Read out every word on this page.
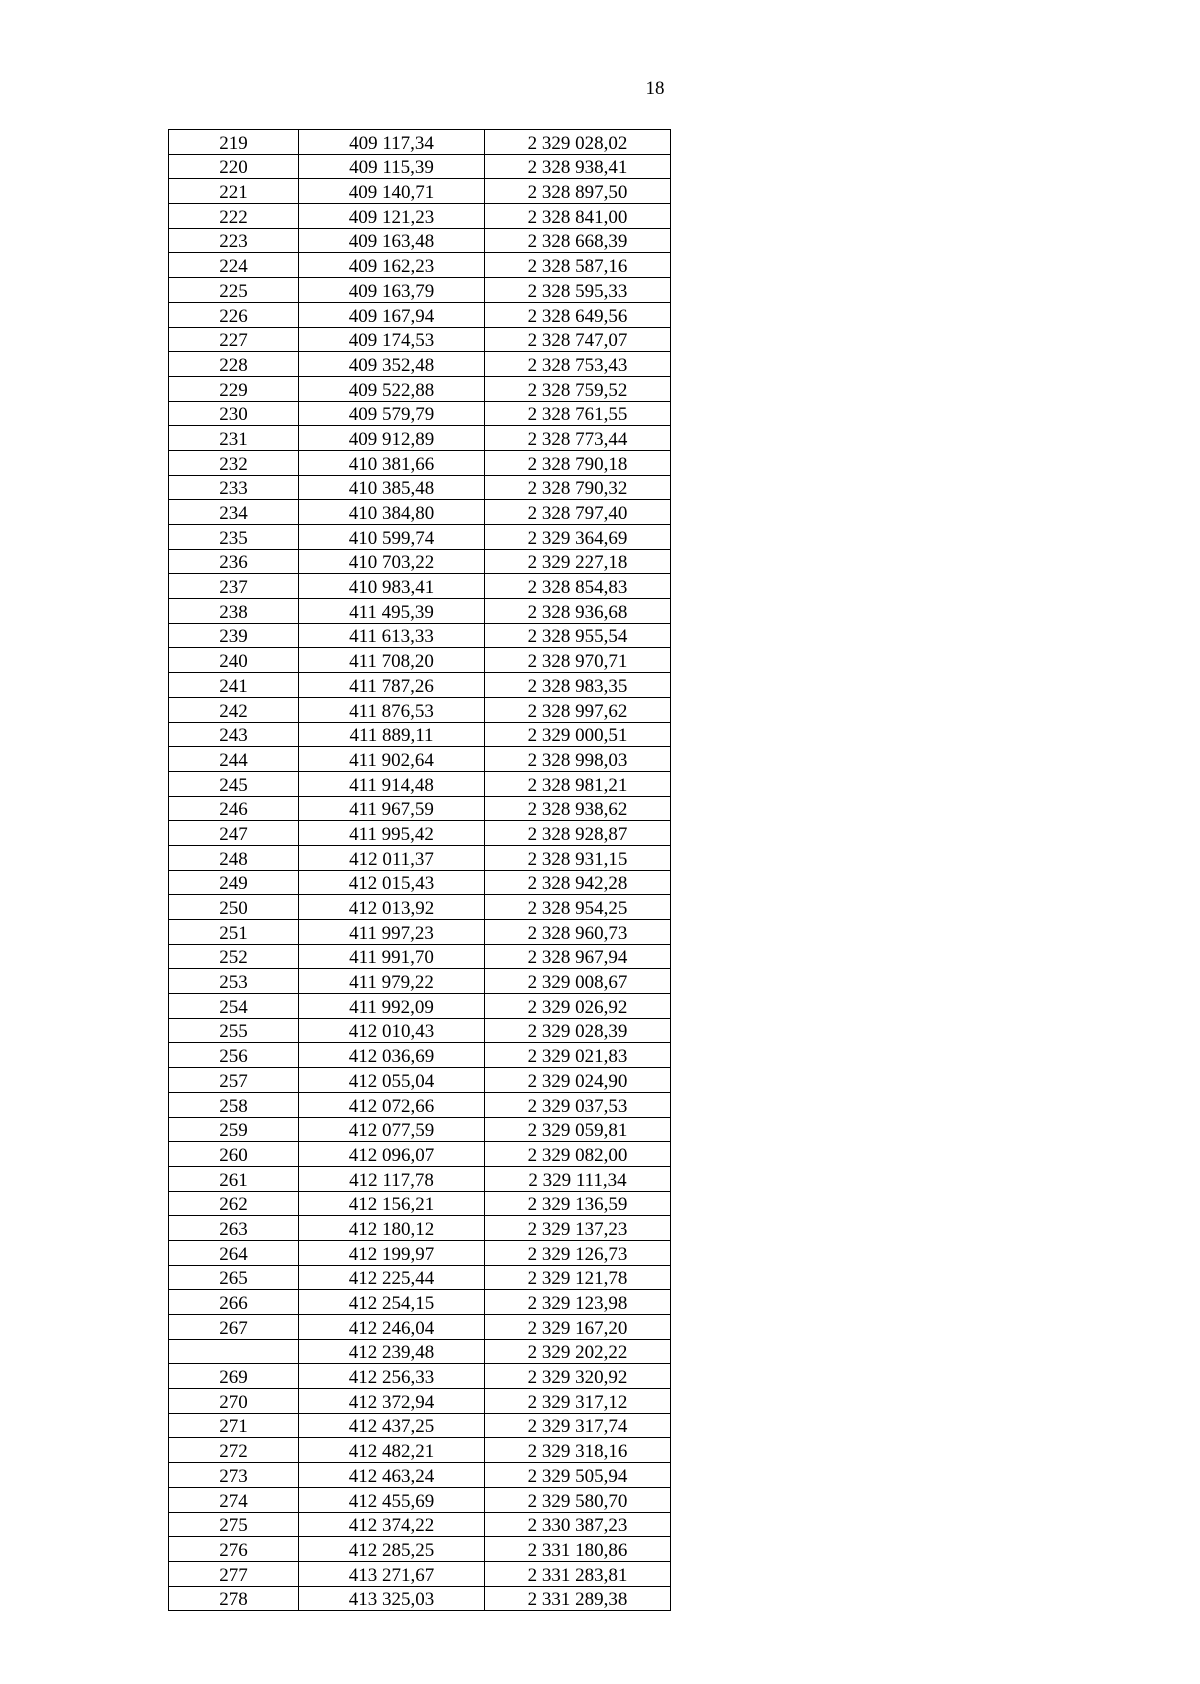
18
219	409 117,34	2 329 028,02
220	409 115,39	2 328 938,41
221	409 140,71	2 328 897,50
222	409 121,23	2 328 841,00
223	409 163,48	2 328 668,39
224	409 162,23	2 328 587,16
225	409 163,79	2 328 595,33
226	409 167,94	2 328 649,56
227	409 174,53	2 328 747,07
228	409 352,48	2 328 753,43
229	409 522,88	2 328 759,52
230	409 579,79	2 328 761,55
231	409 912,89	2 328 773,44
232	410 381,66	2 328 790,18
233	410 385,48	2 328 790,32
234	410 384,80	2 328 797,40
235	410 599,74	2 329 364,69
236	410 703,22	2 329 227,18
237	410 983,41	2 328 854,83
238	411 495,39	2 328 936,68
239	411 613,33	2 328 955,54
240	411 708,20	2 328 970,71
241	411 787,26	2 328 983,35
242	411 876,53	2 328 997,62
243	411 889,11	2 329 000,51
244	411 902,64	2 328 998,03
245	411 914,48	2 328 981,21
246	411 967,59	2 328 938,62
247	411 995,42	2 328 928,87
248	412 011,37	2 328 931,15
249	412 015,43	2 328 942,28
250	412 013,92	2 328 954,25
251	411 997,23	2 328 960,73
252	411 991,70	2 328 967,94
253	411 979,22	2 329 008,67
254	411 992,09	2 329 026,92
255	412 010,43	2 329 028,39
256	412 036,69	2 329 021,83
257	412 055,04	2 329 024,90
258	412 072,66	2 329 037,53
259	412 077,59	2 329 059,81
260	412 096,07	2 329 082,00
261	412 117,78	2 329 111,34
262	412 156,21	2 329 136,59
263	412 180,12	2 329 137,23
264	412 199,97	2 329 126,73
265	412 225,44	2 329 121,78
266	412 254,15	2 329 123,98
267	412 246,04	2 329 167,20
	412 239,48	2 329 202,22
269	412 256,33	2 329 320,92
270	412 372,94	2 329 317,12
271	412 437,25	2 329 317,74
272	412 482,21	2 329 318,16
273	412 463,24	2 329 505,94
274	412 455,69	2 329 580,70
275	412 374,22	2 330 387,23
276	412 285,25	2 331 180,86
277	413 271,67	2 331 283,81
278	413 325,03	2 331 289,38
